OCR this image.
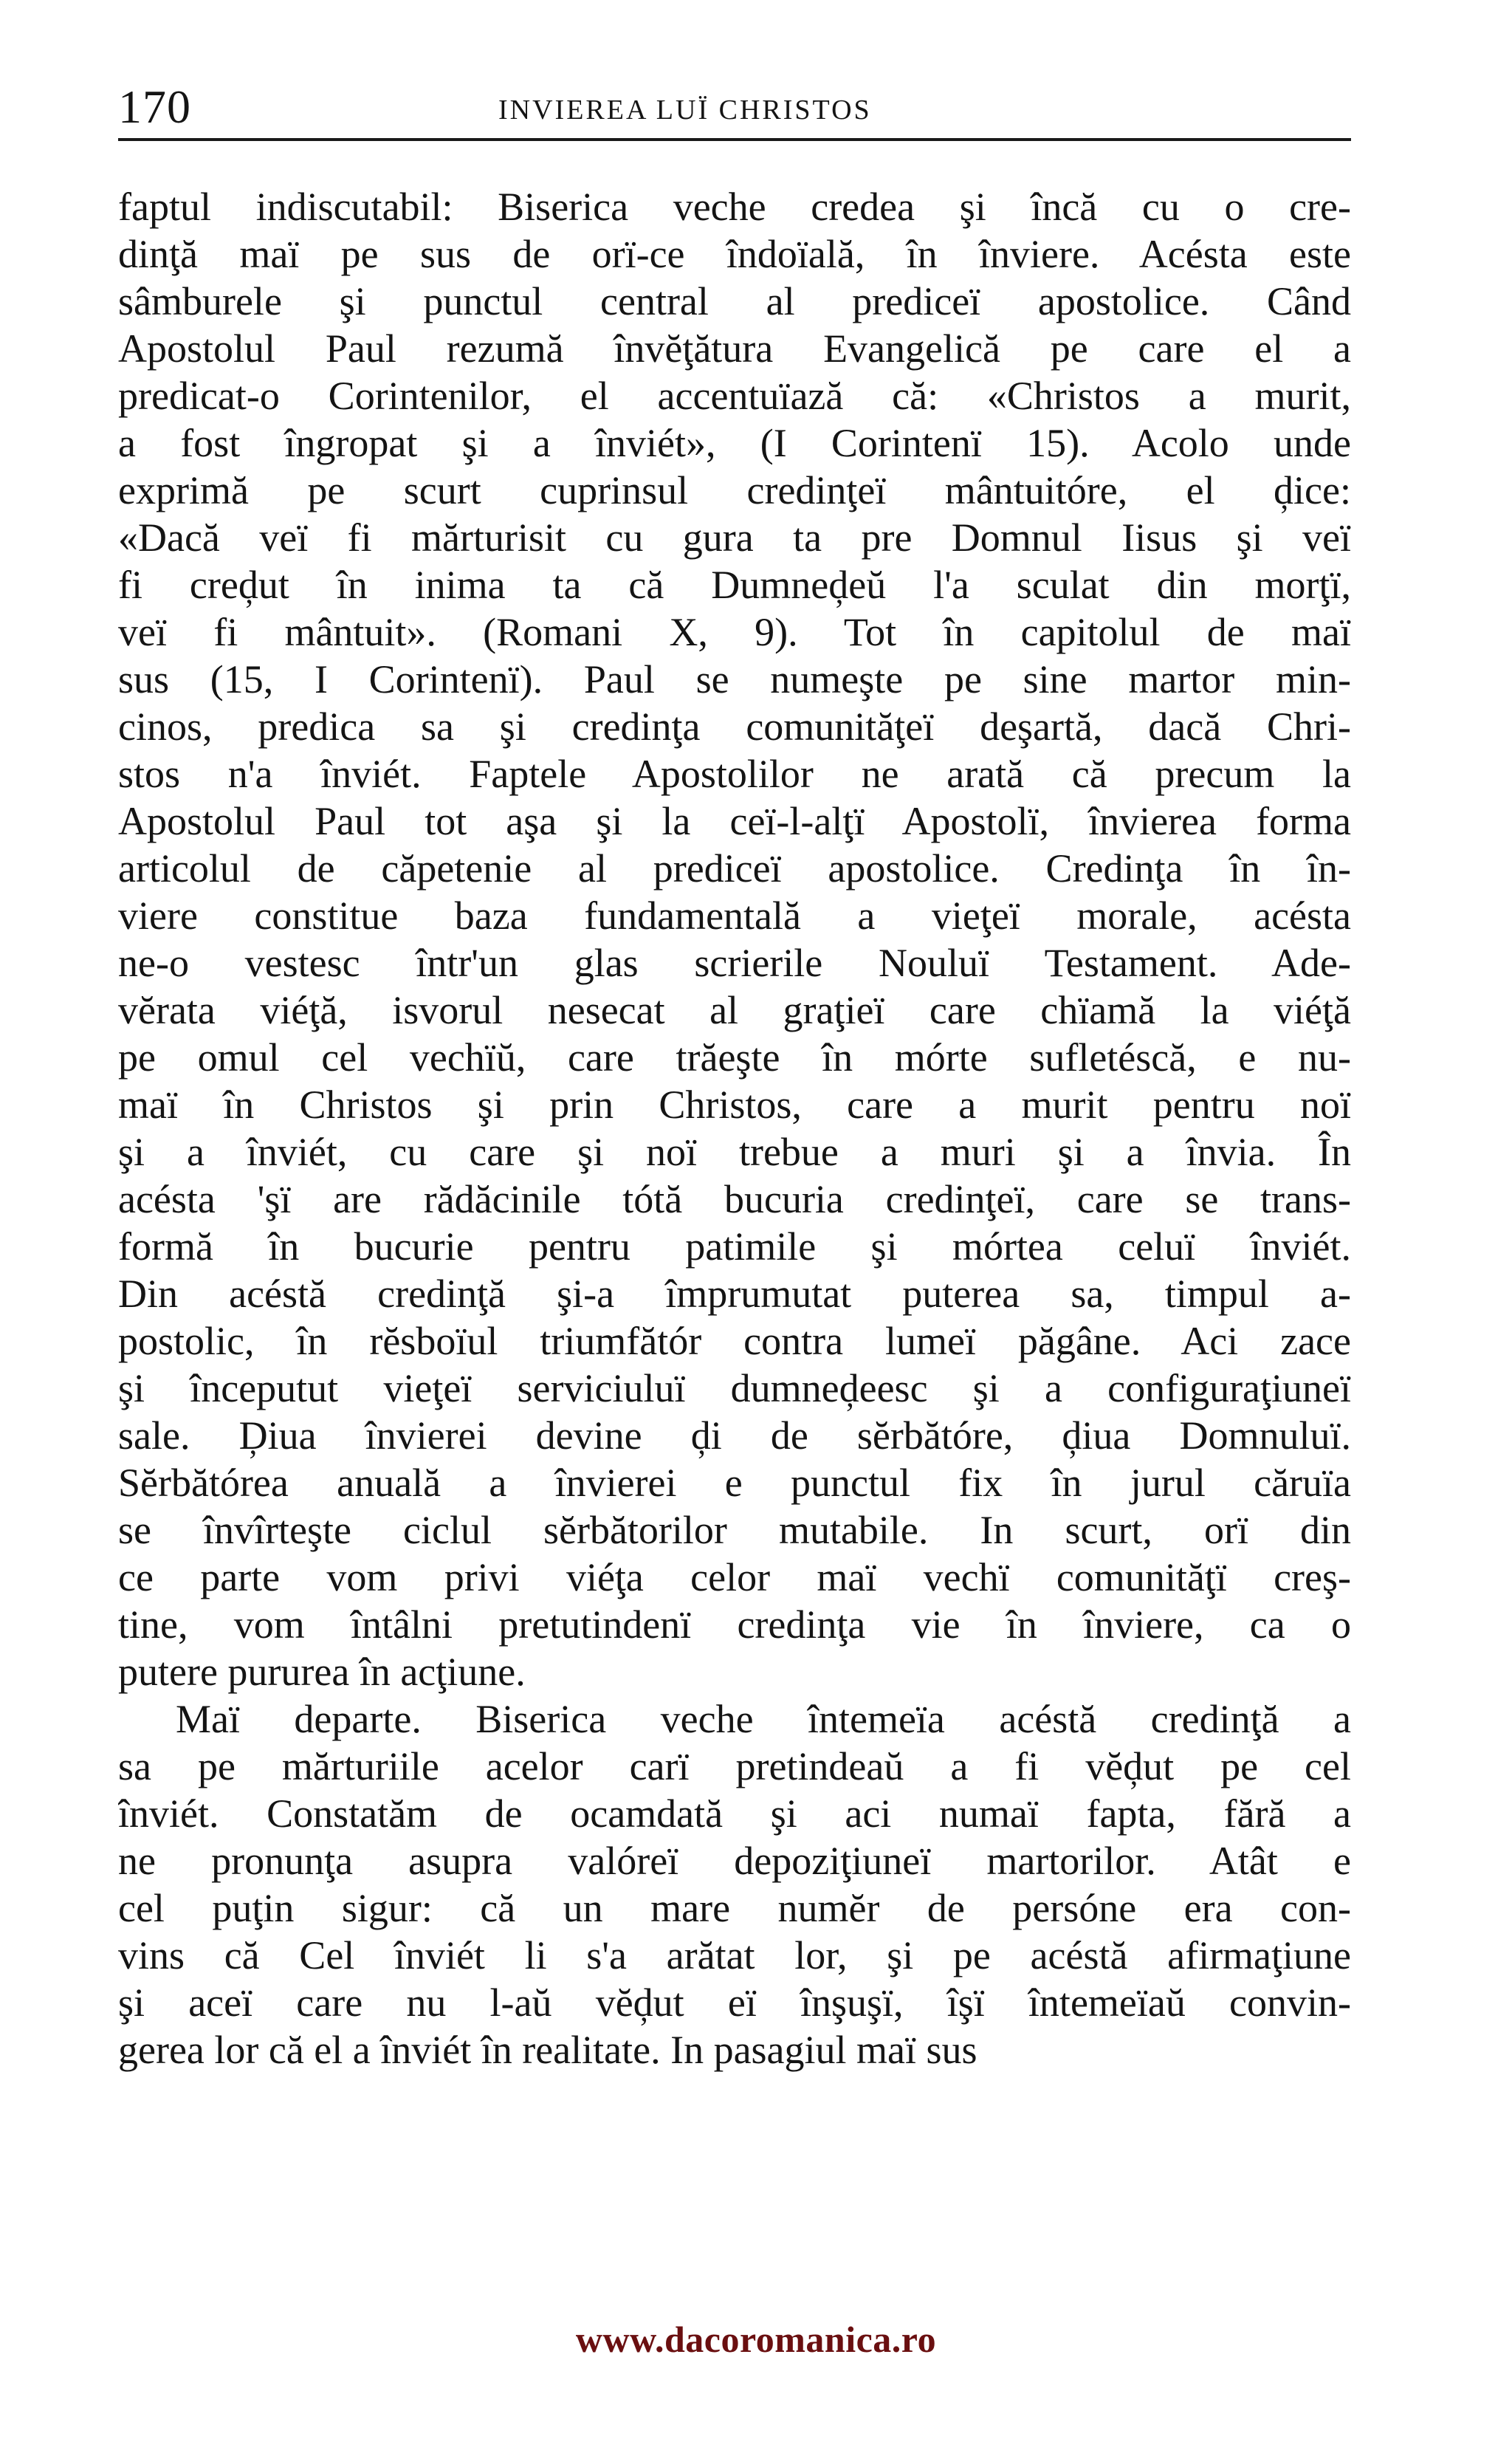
170	INVIEREA LUÏ CHRISTOS
faptul indiscutabil: Biserica veche credea şi încă cu o cre-
dinţă maï pe sus de orï-ce îndoïală, în înviere. Acésta este
sâmburele şi punctul central al prediceï apostolice. Când
Apostolul Paul rezumă învĕţătura Evangelică pe care el a
predicat-o Corintenilor, el accentuïază că: «Christos a murit,
a fost îngropat şi a înviét», (I Corintenï 15). Acolo unde
exprimă pe scurt cuprinsul credinţeï mântuitóre, el ḑice:
«Dacă veï fi mărturisit cu gura ta pre Domnul Iisus şi veï
fi creḑut în inima ta că Dumneḑeŭ l'a sculat din morţï,
veï fi mântuit». (Romani X, 9). Tot în capitolul de maï
sus (15, I Corintenï). Paul se numeşte pe sine martor min-
cinos, predica sa şi credinţa comunităţeï deşartă, dacă Chri-
stos n'a înviét. Faptele Apostolilor ne arată că precum la
Apostolul Paul tot aşa şi la ceï-l-alţï Apostolï, învierea forma
articolul de căpetenie al prediceï apostolice. Credinţa în în-
viere constitue baza fundamentală a vieţeï morale, acésta
ne-o vestesc într'un glas scrierile Nouluï Testament. Ade-
vĕrata viéţă, isvorul nesecat al graţieï care chïamă la viéţă
pe omul cel vechïŭ, care trăeşte în mórte sufletéscă, e nu-
maï în Christos şi prin Christos, care a murit pentru noï
şi a înviét, cu care şi noï trebue a muri şi a învia. În
acésta 'şï are rădăcinile tótă bucuria credinţeï, care se trans-
formă în bucurie pentru patimile şi mórtea celuï înviét.
Din acéstă credinţă şi-a împrumutat puterea sa, timpul a-
postolic, în rĕsboïul triumfătór contra lumeï păgâne. Aci zace
şi începutut vieţeï serviciuluï dumneḑeesc şi a configuraţiuneï
sale. Ḑiua învierei devine ḑi de sĕrbătóre, ḑiua Domnuluï.
Sĕrbătórea anuală a învierei e punctul fix în jurul căruïa
se învîrteşte ciclul sĕrbătorilor mutabile. In scurt, orï din
ce parte vom privi viéţa celor maï vechï comunităţï creş-
tine, vom întâlni pretutindenï credinţa vie în înviere, ca o
putere pururea în acţiune.
Maï departe. Biserica veche întemeïa acéstă credinţă a
sa pe mărturiile acelor carï pretindeaŭ a fi vĕḑut pe cel
înviét. Constatăm de ocamdată şi aci numaï fapta, fără a
ne pronunţa asupra valóreï depoziţiuneï martorilor. Atât e
cel puţin sigur: că un mare numĕr de persóne era con-
vins că Cel înviét li s'a arătat lor, şi pe acéstă afirmaţiune
şi aceï care nu l-aŭ vĕḑut eï înşuşï, îşï întemeïaŭ convin-
gerea lor că el a înviét în realitate. In pasagiul maï sus
www.dacoromanica.ro
